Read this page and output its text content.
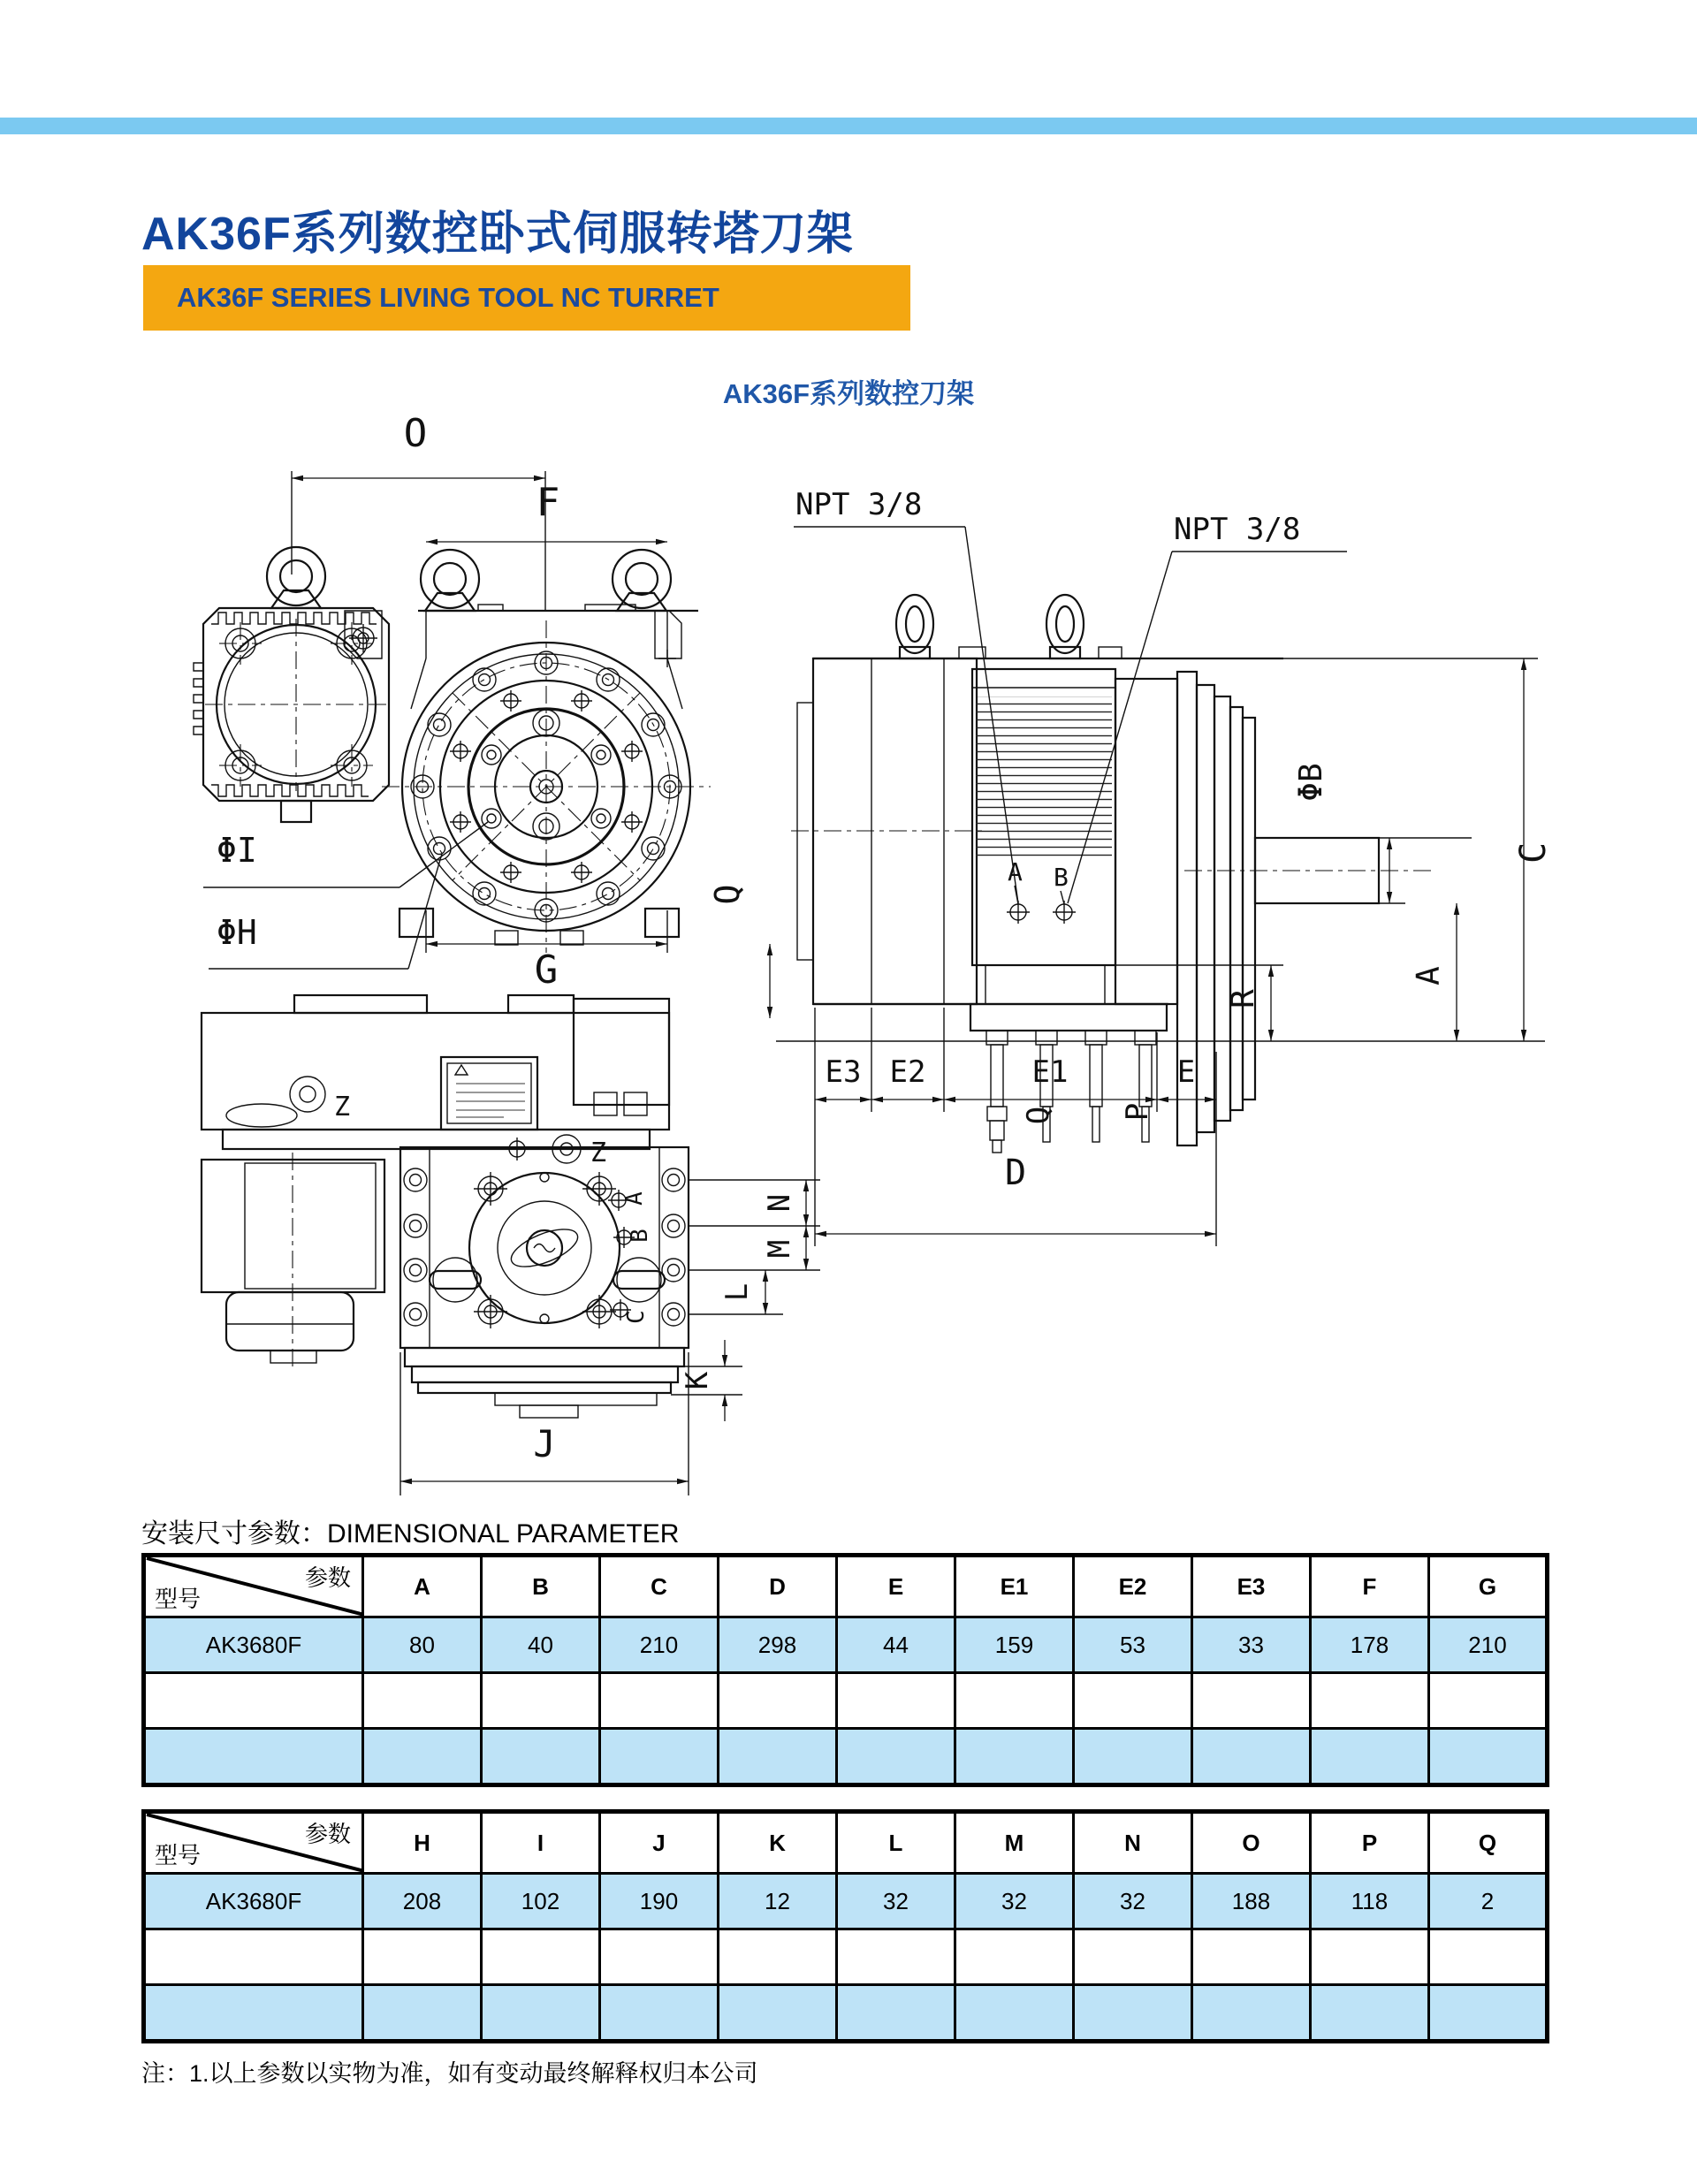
AK36F系列数控卧式伺服转塔刀架
AK36F SERIES LIVING TOOL NC TURRET
AK36F系列数控刀架
O
F
G
ΦI
ΦH
Q
NPT 3/8
NPT 3/8
A B
Q P
ΦB
C
A
R
E3 E2	E1	E
D
Z
Z
A
B
C
N
M
L
K
J
安装尺寸参数：DIMENSIONAL PARAMETER
参数
型号	A	B	C	D	E	E1	E2	E3	F	G
AK3680F	80	40	210	298	44	159	53	33	178	210

参数
型号	H	I	J	K	L	M	N	O	P	Q
AK3680F	208	102	190	12	32	32	32	188	118	2

注：1.以上参数以实物为准，如有变动最终解释权归本公司
